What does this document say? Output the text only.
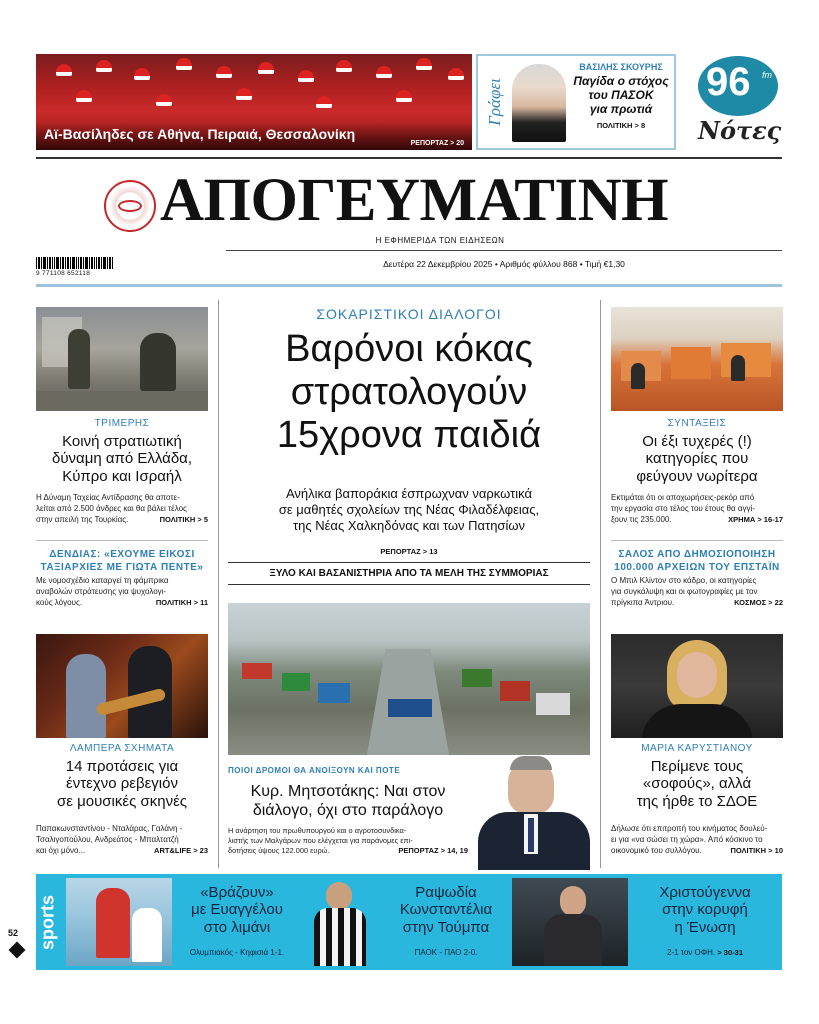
Αϊ-Βασίληδες σε Αθήνα, Πειραιά, Θεσσαλονίκη
ΡΕΠΟΡΤΑΖ > 20
Γράφει
ΒΑΣΙΛΗΣ ΣΚΟΥΡΗΣ
Παγίδα ο στόχος
του ΠΑΣΟΚ
για πρωτιά
ΠΟΛΙΤΙΚΗ > 8
96 fm
Νότες
ΑΠΟΓΕΥΜΑΤΙΝΗ
Η ΕΦΗΜΕΡΙΔΑ ΤΩΝ ΕΙΔΗΣΕΩΝ
9 771108 652118
Δευτέρα 22 Δεκεμβρίου 2025 • Αριθμός φύλλου 868 • Τιμή €1,30
ΤΡΙΜΕΡΗΣ
Κοινή στρατιωτική
δύναμη από Ελλάδα,
Κύπρο και Ισραήλ
Η Δύναμη Ταχείας Αντίδρασης θα αποτε-
λείται από 2.500 άνδρες και θα βάλει τέλος
στην απειλή της Τουρκίας.	ΠΟΛΙΤΙΚΗ > 5
ΔΕΝΔΙΑΣ: «ΕΧΟΥΜΕ ΕΙΚΟΣΙ
ΤΑΞΙΑΡΧΙΕΣ ΜΕ ΓΙΩΤΑ ΠΕΝΤΕ»
Με νομοσχέδιο καταργεί τη φάμπρικα
αναβολών στράτευσης για ψυχολογι-
κούς λόγους.	ΠΟΛΙΤΙΚΗ > 11
ΛΑΜΠΕΡΑ ΣΧΗΜΑΤΑ
14 προτάσεις για
έντεχνο ρεβεγιόν
σε μουσικές σκηνές
Παπακωνσταντίνου - Νταλάρας, Γαλάνη -
Τσαλιγοπούλου, Ανδρεάτος - Μπαλτατζή
και όχι μόνο...	ART&LIFE > 23
ΣΟΚΑΡΙΣΤΙΚΟΙ ΔΙΑΛΟΓΟΙ
Βαρόνοι κόκας
στρατολογούν
15χρονα παιδιά
Ανήλικα βαποράκια έσπρωχναν ναρκωτικά
σε μαθητές σχολείων της Νέας Φιλαδέλφειας,
της Νέας Χαλκηδόνας και των Πατησίων
ΡΕΠΟΡΤΑΖ > 13
ΞΥΛΟ ΚΑΙ ΒΑΣΑΝΙΣΤΗΡΙΑ ΑΠΟ ΤΑ ΜΕΛΗ ΤΗΣ ΣΥΜΜΟΡΙΑΣ
ΠΟΙΟΙ ΔΡΟΜΟΙ ΘΑ ΑΝΟΙΞΟΥΝ ΚΑΙ ΠΟΤΕ
Κυρ. Μητσοτάκης: Ναι στον
διάλογο, όχι στο παράλογο
Η ανάρτηση του πρωθυπουργού και ο αγροτοσυνδικα-
λιστής των Μαλγάρων που ελέγχεται για παράνομες επι-
δοτήσεις ύψους 122.000 ευρώ.	ΡΕΠΟΡΤΑΖ > 14, 19
ΣΥΝΤΑΞΕΙΣ
Οι έξι τυχερές (!)
κατηγορίες που
φεύγουν νωρίτερα
Εκτιμάται ότι οι αποχωρήσεις-ρεκόρ από
την εργασία στο τέλος του έτους θα αγγί-
ξουν τις 235.000.	ΧΡΗΜΑ > 16-17
ΣΑΛΟΣ ΑΠΟ ΔΗΜΟΣΙΟΠΟΙΗΣΗ
100.000 ΑΡΧΕΙΩΝ ΤΟΥ ΕΠΣΤΑΪΝ
Ο Μπιλ Κλίντον στο κάδρο, οι κατηγορίες
για συγκάλυψη και οι φωτογραφίες με τον
πρίγκιπα Άντριου.	ΚΟΣΜΟΣ > 22
ΜΑΡΙΑ ΚΑΡΥΣΤΙΑΝΟΥ
Περίμενε τους
«σοφούς», αλλά
της ήρθε το ΣΔΟΕ
Δήλωσε ότι επιτροπή του κινήματος δουλεύ-
ει για «να σώσει τη χώρα». Από κόσκινο το
οικονομικό του συλλόγου.	ΠΟΛΙΤΙΚΗ > 10
sports
«Βράζουν»
με Ευαγγέλου
στο λιμάνι
Ολυμπιακός - Κηφισιά 1-1.
Ραψωδία
Κωνσταντέλια
στην Τούμπα
ΠΑΟΚ - ΠΑΟ 2-0.
Χριστούγεννα
στην κορυφή
η Ένωση
2-1 τον ΟΦΗ. > 30-31
52
